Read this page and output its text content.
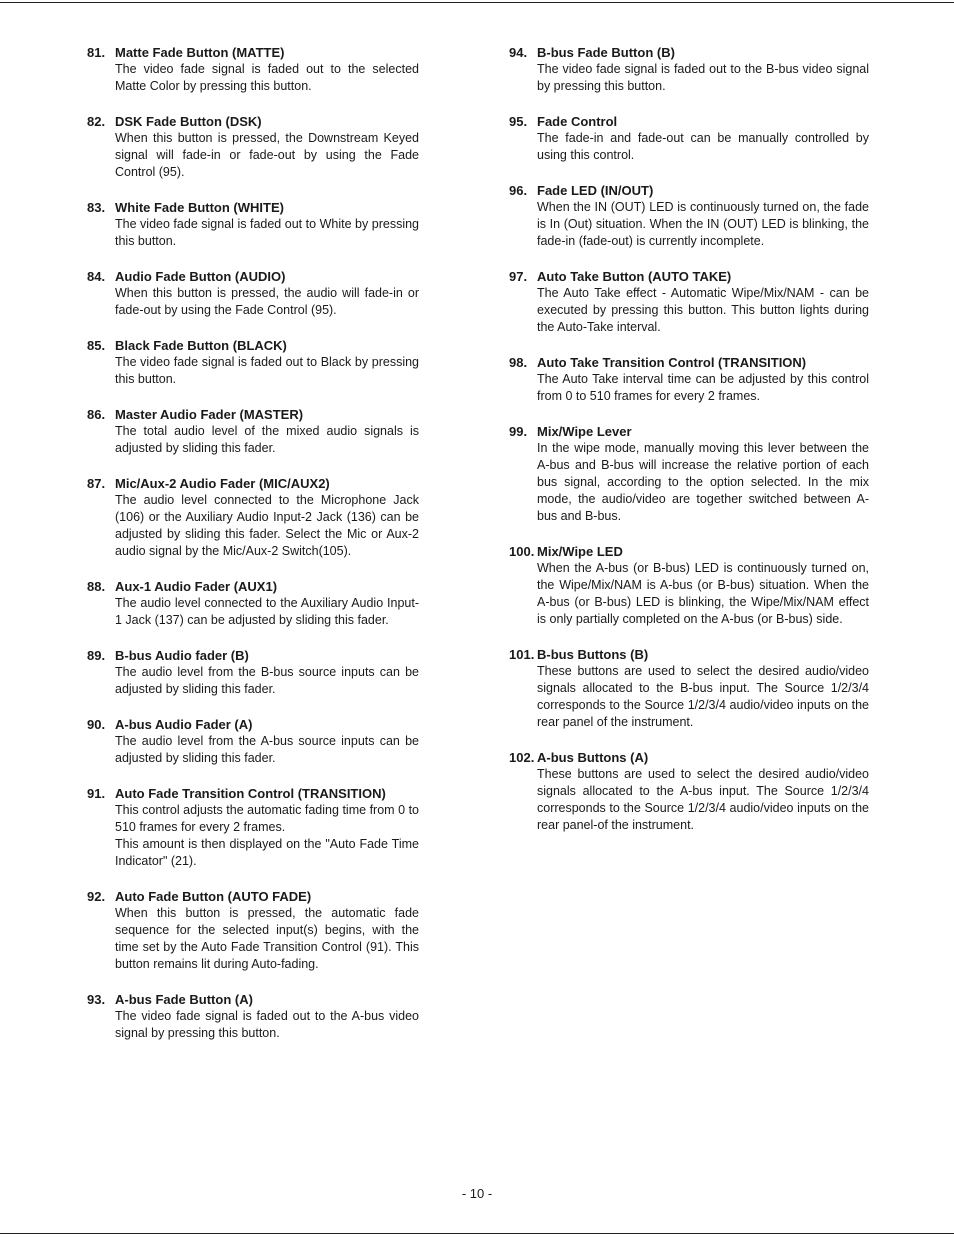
81. Matte Fade Button (MATTE)

The video fade signal is faded out to the selected Matte Color by pressing this button.

82. DSK Fade Button (DSK)

When this button is pressed, the Downstream Keyed signal will fade-in or fade-out by using the Fade Control (95).

83. White Fade Button (WHITE)

The video fade signal is faded out to White by pressing this button.

84. Audio Fade Button (AUDIO)

When this button is pressed, the audio will fade-in or fade-out by using the Fade Control (95).

85. Black Fade Button (BLACK)

The video fade signal is faded out to Black by pressing this button.

86. Master Audio Fader (MASTER)

The total audio level of the mixed audio signals is adjusted by sliding this fader.

87. Mic/Aux-2 Audio Fader (MIC/AUX2)

The audio level connected to the Microphone Jack (106) or the Auxiliary Audio Input-2 Jack (136) can be adjusted by sliding this fader. Select the Mic or Aux-2 audio signal by the Mic/Aux-2 Switch(105).

88. Aux-1 Audio Fader (AUX1)

The audio level connected to the Auxiliary Audio Input-1 Jack (137) can be adjusted by sliding this fader.

89. B-bus Audio fader (B)

The audio level from the B-bus source inputs can be adjusted by sliding this fader.

90. A-bus Audio Fader (A)

The audio level from the A-bus source inputs can be adjusted by sliding this fader.

91. Auto Fade Transition Control (TRANSITION)

This control adjusts the automatic fading time from 0 to 510 frames for every 2 frames.

This amount is then displayed on the "Auto Fade Time Indicator" (21).

92. Auto Fade Button (AUTO FADE)

When this button is pressed, the automatic fade sequence for the selected input(s) begins, with the time set by the Auto Fade Transition Control (91). This button remains lit during Auto-fading.

93. A-bus Fade Button (A)

The video fade signal is faded out to the A-bus video signal by pressing this button.

94. B-bus Fade Button (B)

The video fade signal is faded out to the B-bus video signal by pressing this button.

95. Fade Control

The fade-in and fade-out can be manually controlled by using this control.

96. Fade LED (IN/OUT)

When the IN (OUT) LED is continuously turned on, the fade is In (Out) situation. When the IN (OUT) LED is blinking, the fade-in (fade-out) is currently incomplete.

97. Auto Take Button (AUTO TAKE)

The Auto Take effect - Automatic Wipe/Mix/NAM - can be executed by pressing this button. This button lights during the Auto-Take interval.

98. Auto Take Transition Control (TRANSITION)

The Auto Take interval time can be adjusted by this control from 0 to 510 frames for every 2 frames.

99. Mix/Wipe Lever

In the wipe mode, manually moving this lever between the A-bus and B-bus will increase the relative portion of each bus signal, according to the option selected. In the mix mode, the audio/video are together switched between A-bus and B-bus.

100. Mix/Wipe LED

When the A-bus (or B-bus) LED is continuously turned on, the Wipe/Mix/NAM is A-bus (or B-bus) situation. When the A-bus (or B-bus) LED is blinking, the Wipe/Mix/NAM effect is only partially completed on the A-bus (or B-bus) side.

101. B-bus Buttons (B)

These buttons are used to select the desired audio/video signals allocated to the B-bus input. The Source 1/2/3/4 corresponds to the Source 1/2/3/4 audio/video inputs on the rear panel of the instrument.

102. A-bus Buttons (A)

These buttons are used to select the desired audio/video signals allocated to the A-bus input. The Source 1/2/3/4 corresponds to the Source 1/2/3/4 audio/video inputs on the rear panel-of the instrument.

- 10 -
